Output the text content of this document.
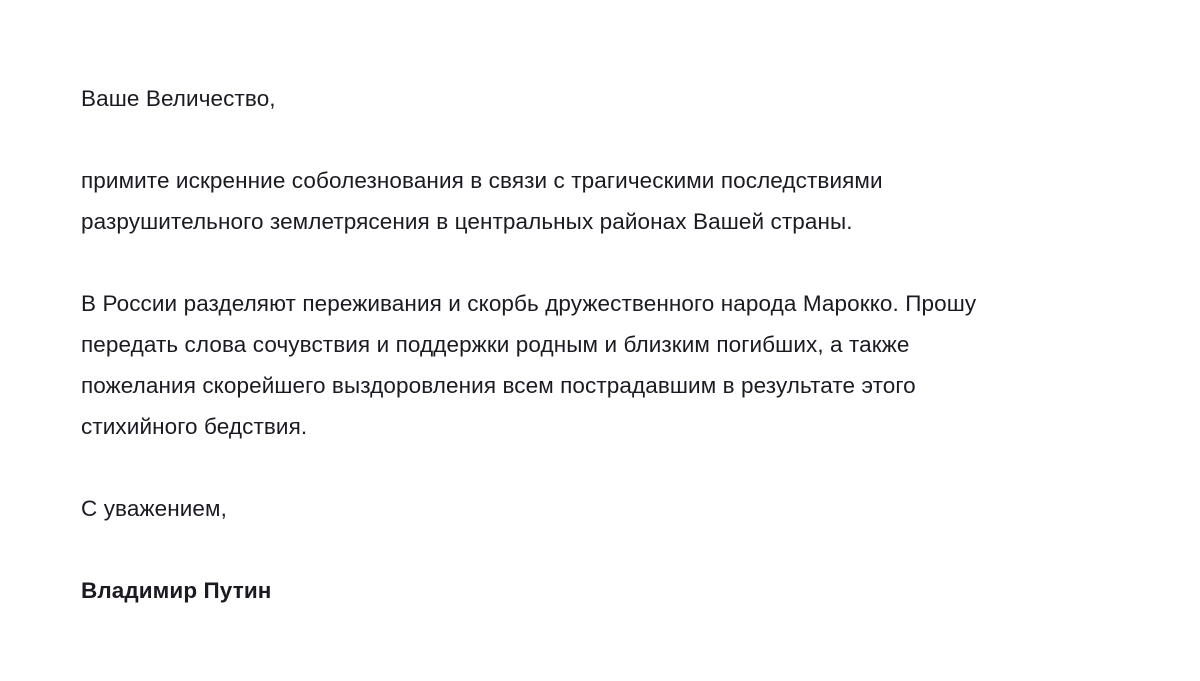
Ваше Величество,
примите искренние соболезнования в связи с трагическими последствиями
разрушительного землетрясения в центральных районах Вашей страны.
В России разделяют переживания и скорбь дружественного народа Марокко. Прошу
передать слова сочувствия и поддержки родным и близким погибших, а также
пожелания скорейшего выздоровления всем пострадавшим в результате этого
стихийного бедствия.
С уважением,
Владимир Путин
